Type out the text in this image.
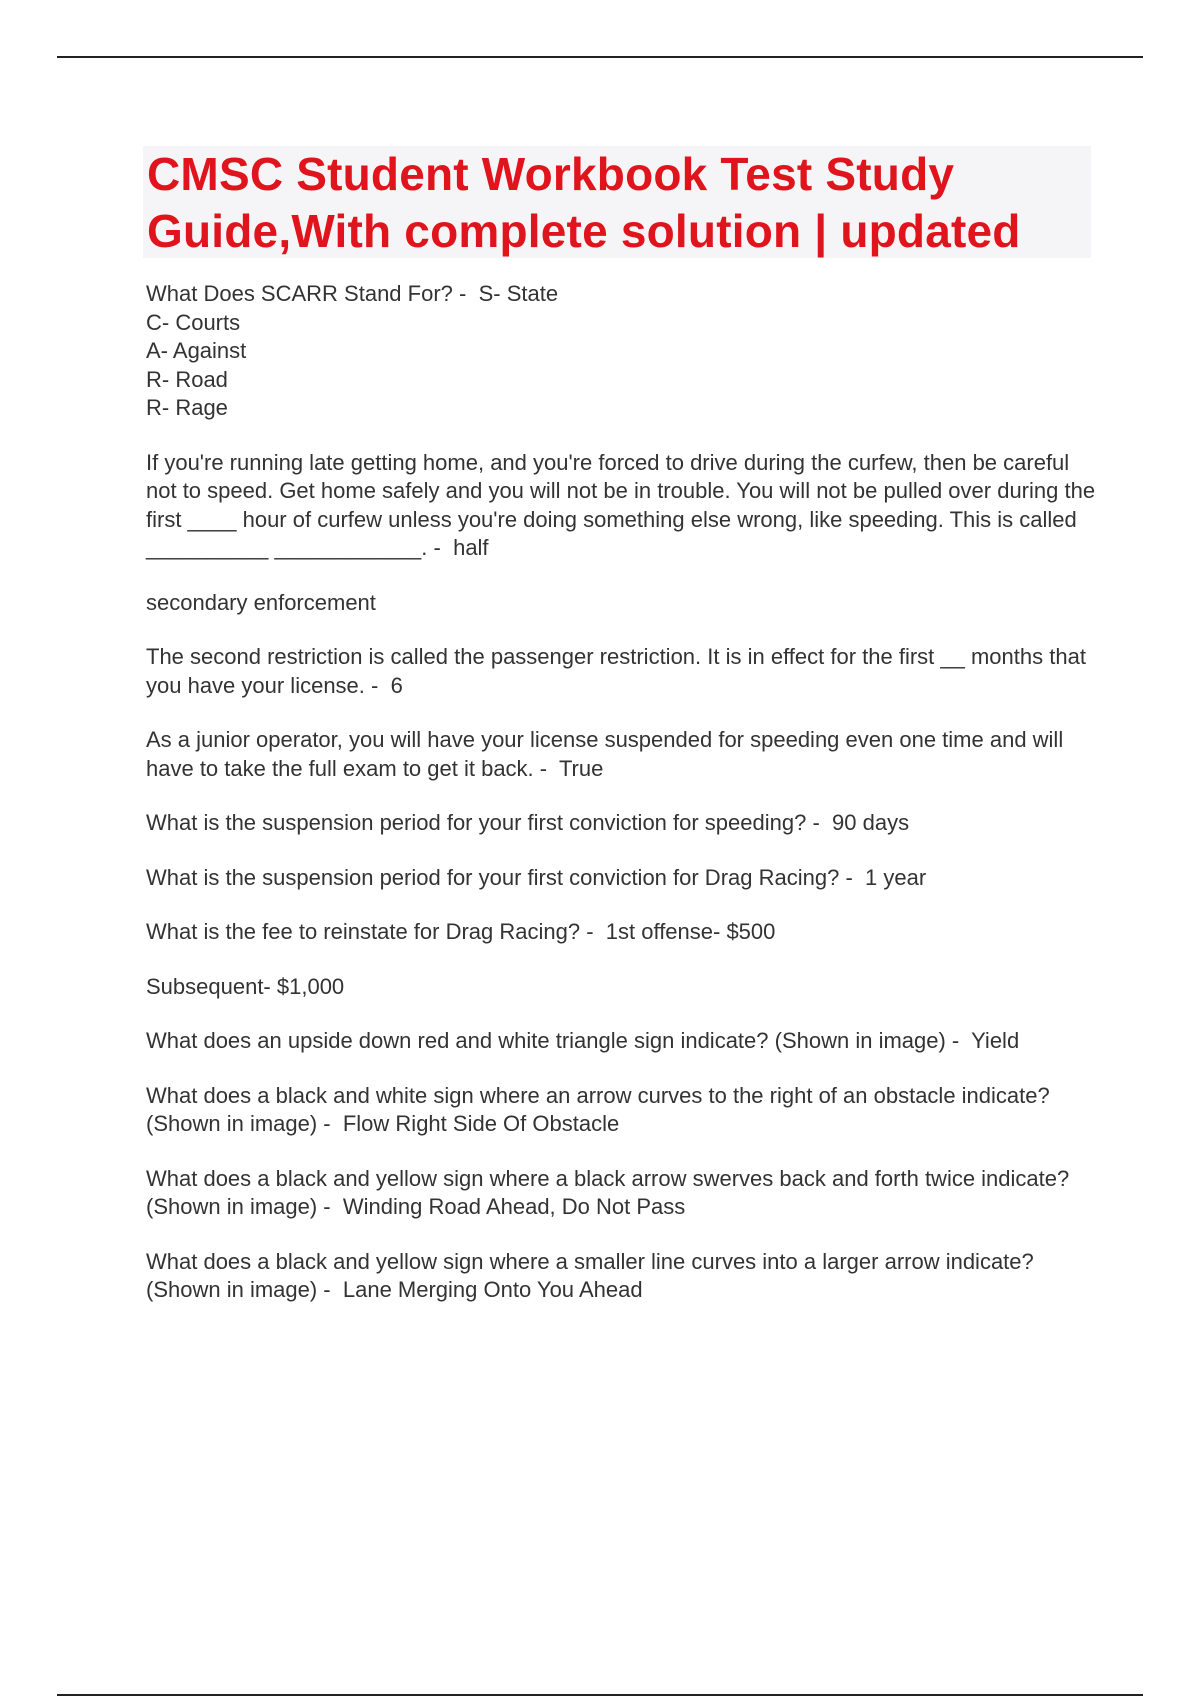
CMSC Student Workbook Test Study
Guide,With complete solution | updated
What Does SCARR Stand For? -  S- State
C- Courts
A- Against
R- Road
R- Rage
If you're running late getting home, and you're forced to drive during the curfew, then be careful not to speed. Get home safely and you will not be in trouble. You will not be pulled over during the first ____ hour of curfew unless you're doing something else wrong, like speeding. This is called __________ ____________. -  half
secondary enforcement
The second restriction is called the passenger restriction. It is in effect for the first __ months that you have your license. -  6
As a junior operator, you will have your license suspended for speeding even one time and will have to take the full exam to get it back. -  True
What is the suspension period for your first conviction for speeding? -  90 days
What is the suspension period for your first conviction for Drag Racing? -  1 year
What is the fee to reinstate for Drag Racing? -  1st offense- $500
Subsequent- $1,000
What does an upside down red and white triangle sign indicate? (Shown in image) -  Yield
What does a black and white sign where an arrow curves to the right of an obstacle indicate? (Shown in image) -  Flow Right Side Of Obstacle
What does a black and yellow sign where a black arrow swerves back and forth twice indicate? (Shown in image) -  Winding Road Ahead, Do Not Pass
What does a black and yellow sign where a smaller line curves into a larger arrow indicate? (Shown in image) -  Lane Merging Onto You Ahead
